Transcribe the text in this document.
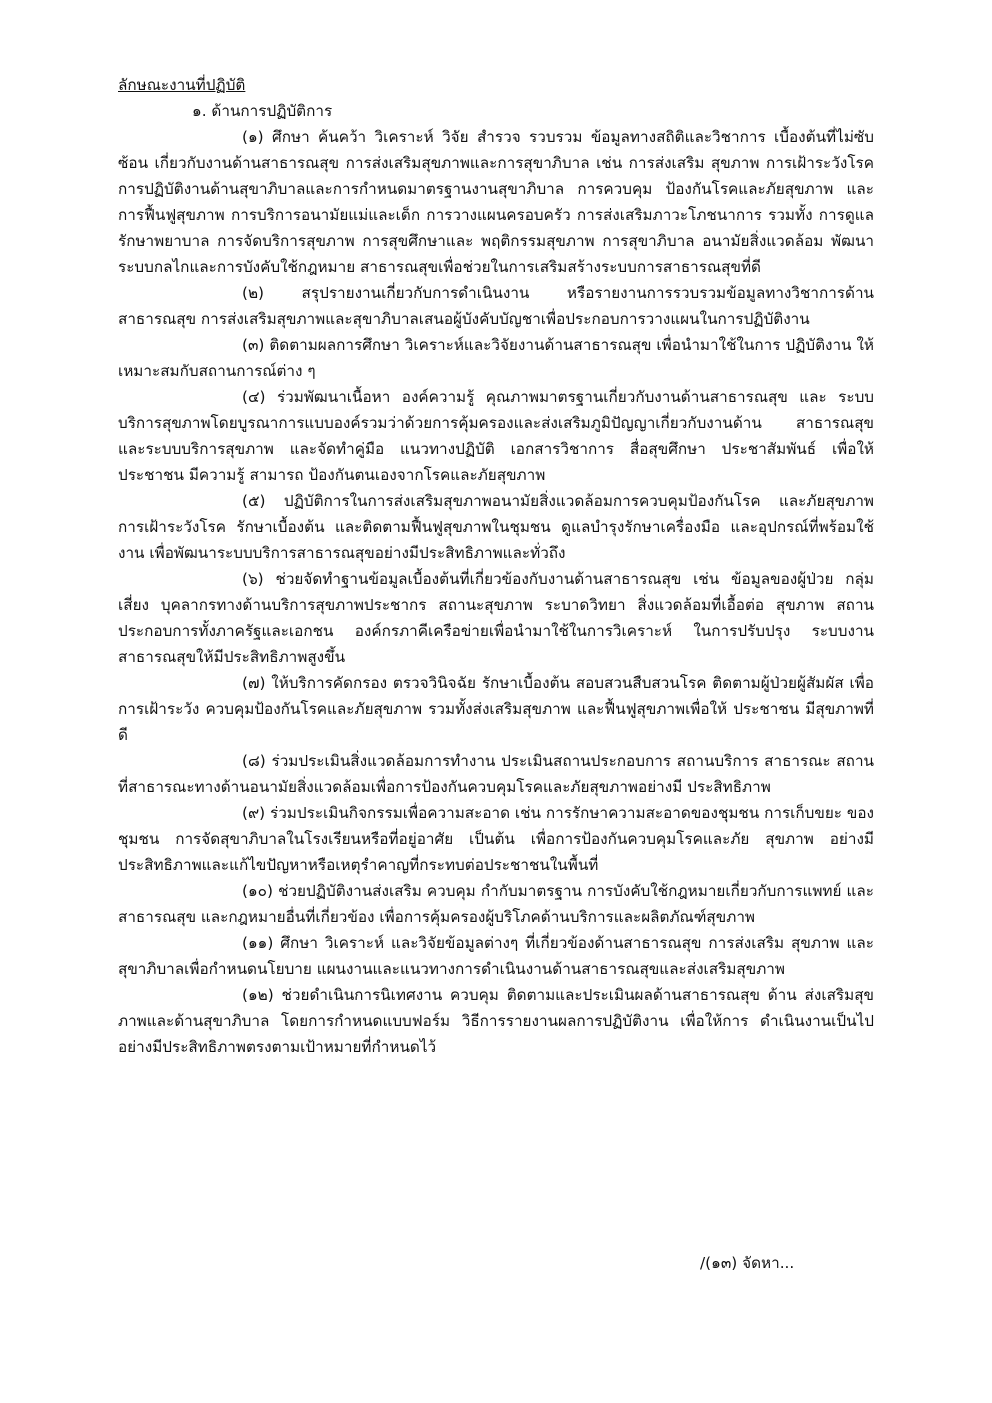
ลักษณะงานที่ปฏิบัติ

๑. ด้านการปฏิบัติการ

(๑) ศึกษา ค้นคว้า วิเคราะห์ วิจัย สำรวจ รวบรวม ข้อมูลทางสถิติและวิชาการ เบื้องต้นที่ไม่ซับซ้อน เกี่ยวกับงานด้านสาธารณสุข การส่งเสริมสุขภาพและการสุขาภิบาล เช่น การส่งเสริม สุขภาพ การเฝ้าระวังโรค การปฏิบัติงานด้านสุขาภิบาลและการกำหนดมาตรฐานงานสุขาภิบาล การควบคุม ป้องกันโรคและภัยสุขภาพ และการฟื้นฟูสุขภาพ การบริการอนามัยแม่และเด็ก การวางแผนครอบครัว การส่งเสริมภาวะโภชนาการ รวมทั้ง การดูแลรักษาพยาบาล การจัดบริการสุขภาพ การสุขศึกษาและ พฤติกรรมสุขภาพ การสุขาภิบาล อนามัยสิ่งแวดล้อม พัฒนาระบบกลไกและการบังคับใช้กฎหมาย สาธารณสุขเพื่อช่วยในการเสริมสร้างระบบการสาธารณสุขที่ดี

(๒) สรุปรายงานเกี่ยวกับการดำเนินงาน หรือรายงานการรวบรวมข้อมูลทางวิชาการด้าน สาธารณสุข การส่งเสริมสุขภาพและสุขาภิบาลเสนอผู้บังคับบัญชาเพื่อประกอบการวางแผนในการปฏิบัติงาน

(๓) ติดตามผลการศึกษา วิเคราะห์และวิจัยงานด้านสาธารณสุข เพื่อนำมาใช้ในการ ปฏิบัติงาน ให้เหมาะสมกับสถานการณ์ต่าง ๆ

(๔) ร่วมพัฒนาเนื้อหา องค์ความรู้ คุณภาพมาตรฐานเกี่ยวกับงานด้านสาธารณสุข และ ระบบ บริการสุขภาพโดยบูรณาการแบบองค์รวมว่าด้วยการคุ้มครองและส่งเสริมภูมิปัญญาเกี่ยวกับงานด้าน สาธารณสุข และระบบบริการสุขภาพ และจัดทำคู่มือ แนวทางปฏิบัติ เอกสารวิชาการ สื่อสุขศึกษา ประชาสัมพันธ์ เพื่อให้ ประชาชน มีความรู้ สามารถ ป้องกันตนเองจากโรคและภัยสุขภาพ

(๕) ปฏิบัติการในการส่งเสริมสุขภาพอนามัยสิ่งแวดล้อมการควบคุมป้องกันโรค และภัยสุขภาพ การเฝ้าระวังโรค รักษาเบื้องต้น และติดตามฟื้นฟูสุขภาพในชุมชน ดูแลบำรุงรักษาเครื่องมือ และอุปกรณ์ที่พร้อมใช้งาน เพื่อพัฒนาระบบบริการสาธารณสุขอย่างมีประสิทธิภาพและทั่วถึง

(๖) ช่วยจัดทำฐานข้อมูลเบื้องต้นที่เกี่ยวข้องกับงานด้านสาธารณสุข เช่น ข้อมูลของผู้ป่วย กลุ่มเสี่ยง บุคลากรทางด้านบริการสุขภาพประชากร สถานะสุขภาพ ระบาดวิทยา สิ่งแวดล้อมที่เอื้อต่อ สุขภาพ สถานประกอบการทั้งภาครัฐและเอกชน องค์กรภาคีเครือข่ายเพื่อนำมาใช้ในการวิเคราะห์ ในการปรับปรุง ระบบงานสาธารณสุขให้มีประสิทธิภาพสูงขึ้น

(๗) ให้บริการคัดกรอง ตรวจวินิจฉัย รักษาเบื้องต้น สอบสวนสืบสวนโรค ติดตามผู้ป่วยผู้สัมผัส เพื่อการเฝ้าระวัง ควบคุมป้องกันโรคและภัยสุขภาพ รวมทั้งส่งเสริมสุขภาพ และฟื้นฟูสุขภาพเพื่อให้ ประชาชน มีสุขภาพที่ดี

(๘) ร่วมประเมินสิ่งแวดล้อมการทำงาน ประเมินสถานประกอบการ สถานบริการ สาธารณะ สถานที่สาธารณะทางด้านอนามัยสิ่งแวดล้อมเพื่อการป้องกันควบคุมโรคและภัยสุขภาพอย่างมี ประสิทธิภาพ

(๙) ร่วมประเมินกิจกรรมเพื่อความสะอาด เช่น การรักษาความสะอาดของชุมชน การเก็บขยะ ของชุมชน การจัดสุขาภิบาลในโรงเรียนหรือที่อยู่อาศัย เป็นต้น เพื่อการป้องกันควบคุมโรคและภัย สุขภาพ อย่างมีประสิทธิภาพและแก้ไขปัญหาหรือเหตุรำคาญที่กระทบต่อประชาชนในพื้นที่

(๑๐) ช่วยปฏิบัติงานส่งเสริม ควบคุม กำกับมาตรฐาน การบังคับใช้กฎหมายเกี่ยวกับการแพทย์ และสาธารณสุข และกฎหมายอื่นที่เกี่ยวข้อง เพื่อการคุ้มครองผู้บริโภคด้านบริการและผลิตภัณฑ์สุขภาพ

(๑๑) ศึกษา วิเคราะห์ และวิจัยข้อมูลต่างๆ ที่เกี่ยวข้องด้านสาธารณสุข การส่งเสริม สุขภาพ และสุขาภิบาลเพื่อกำหนดนโยบาย แผนงานและแนวทางการดำเนินงานด้านสาธารณสุขและส่งเสริมสุขภาพ

(๑๒) ช่วยดำเนินการนิเทศงาน ควบคุม ติดตามและประเมินผลด้านสาธารณสุข ด้าน ส่งเสริมสุขภาพและด้านสุขาภิบาล โดยการกำหนดแบบฟอร์ม วิธีการรายงานผลการปฏิบัติงาน เพื่อให้การ ดำเนินงานเป็นไปอย่างมีประสิทธิภาพตรงตามเป้าหมายที่กำหนดไว้

/(๑๓) จัดหา...
